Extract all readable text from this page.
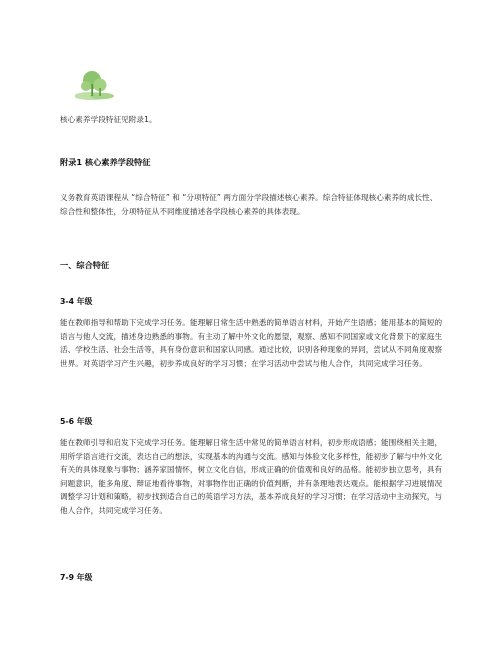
核心素养学段特征见附录1。

附录1 核心素养学段特征

义务教育英语课程从 “综合特征” 和 “分项特征” 两方面分学段描述核心素养。综合特征体现核心素养的成长性、综合性和整体性，分项特征从不同维度描述各学段核心素养的具体表现。

一、综合特征

3-4 年级

能在教师指导和帮助下完成学习任务。能理解日常生活中熟悉的简单语言材料，开始产生语感；能用基本的简短的语言与他人交流，描述身边熟悉的事物。有主动了解中外文化的愿望，观察、感知不同国家或文化背景下的家庭生活、学校生活、社会生活等，具有身份意识和国家认同感。通过比较，识别各种现象的异同，尝试从不同角度观察世界。对英语学习产生兴趣，初步养成良好的学习习惯；在学习活动中尝试与他人合作，共同完成学习任务。

5-6 年级

能在教师引导和启发下完成学习任务。能理解日常生活中常见的简单语言材料，初步形成语感；能围绕相关主题，用所学语言进行交流，表达自己的想法，实现基本的沟通与交流。感知与体验文化多样性，能初步了解与中外文化有关的具体现象与事物；涵养家国情怀，树立文化自信，形成正确的价值观和良好的品格。能初步独立思考，具有问题意识，能多角度、辩证地看待事物，对事物作出正确的价值判断，并有条理地表达观点。能根据学习进展情况调整学习计划和策略，初步找到适合自己的英语学习方法，基本养成良好的学习习惯；在学习活动中主动探究，与他人合作，共同完成学习任务。

7-9 年级
